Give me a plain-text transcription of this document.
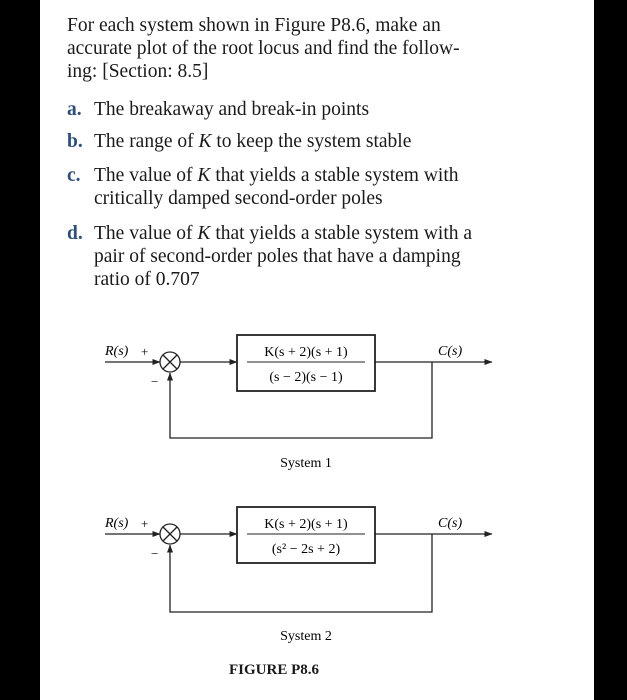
For each system shown in Figure P8.6, make an
accurate plot of the root locus and find the follow-
ing: [Section: 8.5]
a. The breakaway and break-in points
b. The range of K to keep the system stable
c. The value of K that yields a stable system with
critically damped second-order poles
d. The value of K that yields a stable system with a
pair of second-order poles that have a damping
ratio of 0.707
R(s) +
−
K(s + 2)(s + 1)
(s − 2)(s − 1)
C(s)
System 1
R(s) +
−
K(s + 2)(s + 1)
(s² − 2s + 2)
C(s)
System 2
FIGURE P8.6
